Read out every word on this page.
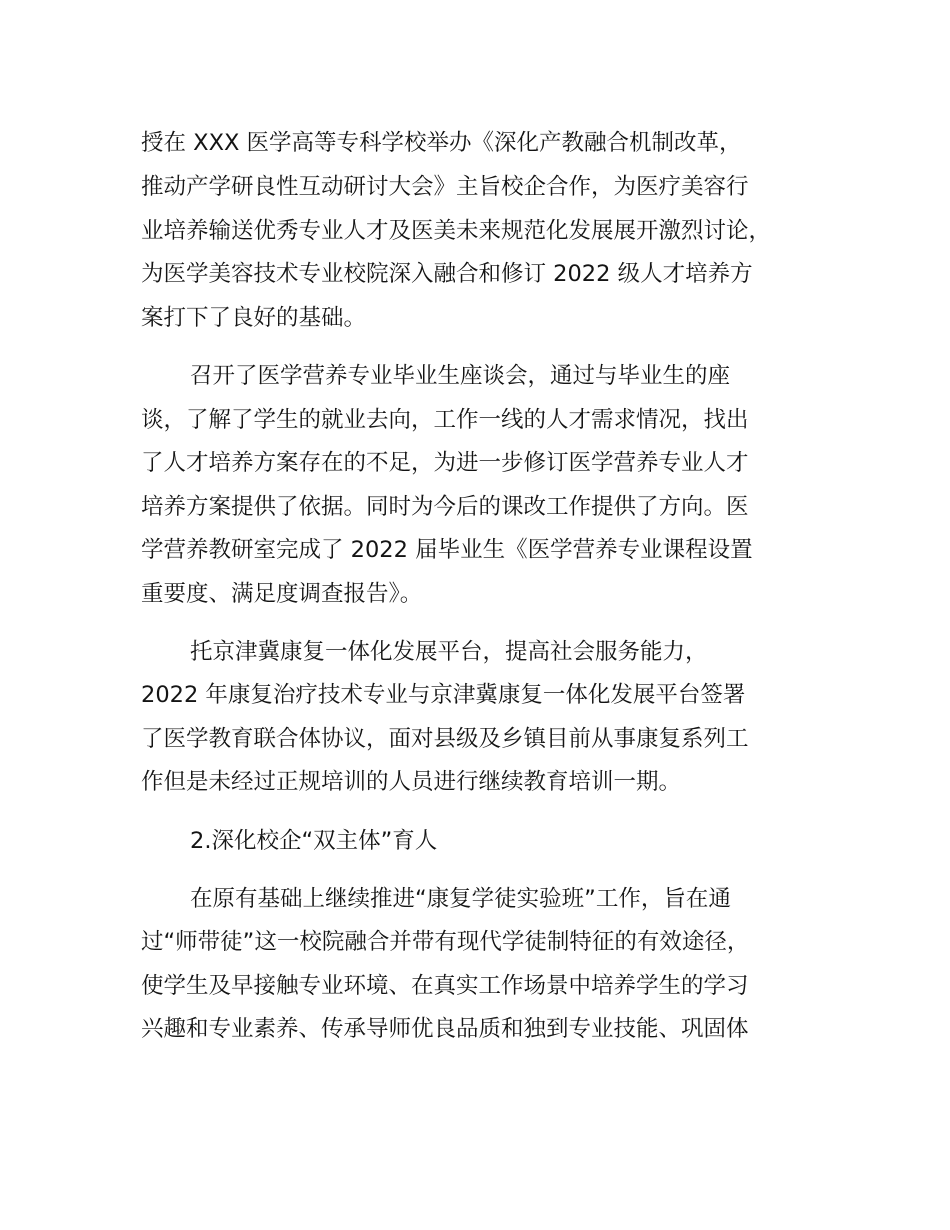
授在 XXX 医学高等专科学校举办《深化产教融合机制改革，

推动产学研良性互动研讨大会》主旨校企合作，为医疗美容行

业培养输送优秀专业人才及医美未来规范化发展展开激烈讨论，

为医学美容技术专业校院深入融合和修订 2022 级人才培养方

案打下了良好的基础。

召开了医学营养专业毕业生座谈会，通过与毕业生的座

谈，了解了学生的就业去向，工作一线的人才需求情况，找出

了人才培养方案存在的不足，为进一步修订医学营养专业人才

培养方案提供了依据。同时为今后的课改工作提供了方向。医

学营养教研室完成了 2022 届毕业生《医学营养专业课程设置

重要度、满足度调查报告》。

托京津冀康复一体化发展平台，提高社会服务能力，

2022 年康复治疗技术专业与京津冀康复一体化发展平台签署

了医学教育联合体协议，面对县级及乡镇目前从事康复系列工

作但是未经过正规培训的人员进行继续教育培训一期。

2.深化校企“双主体”育人

在原有基础上继续推进“康复学徒实验班”工作，旨在通

过“师带徒”这一校院融合并带有现代学徒制特征的有效途径，

使学生及早接触专业环境、在真实工作场景中培养学生的学习

兴趣和专业素养、传承导师优良品质和独到专业技能、巩固体
